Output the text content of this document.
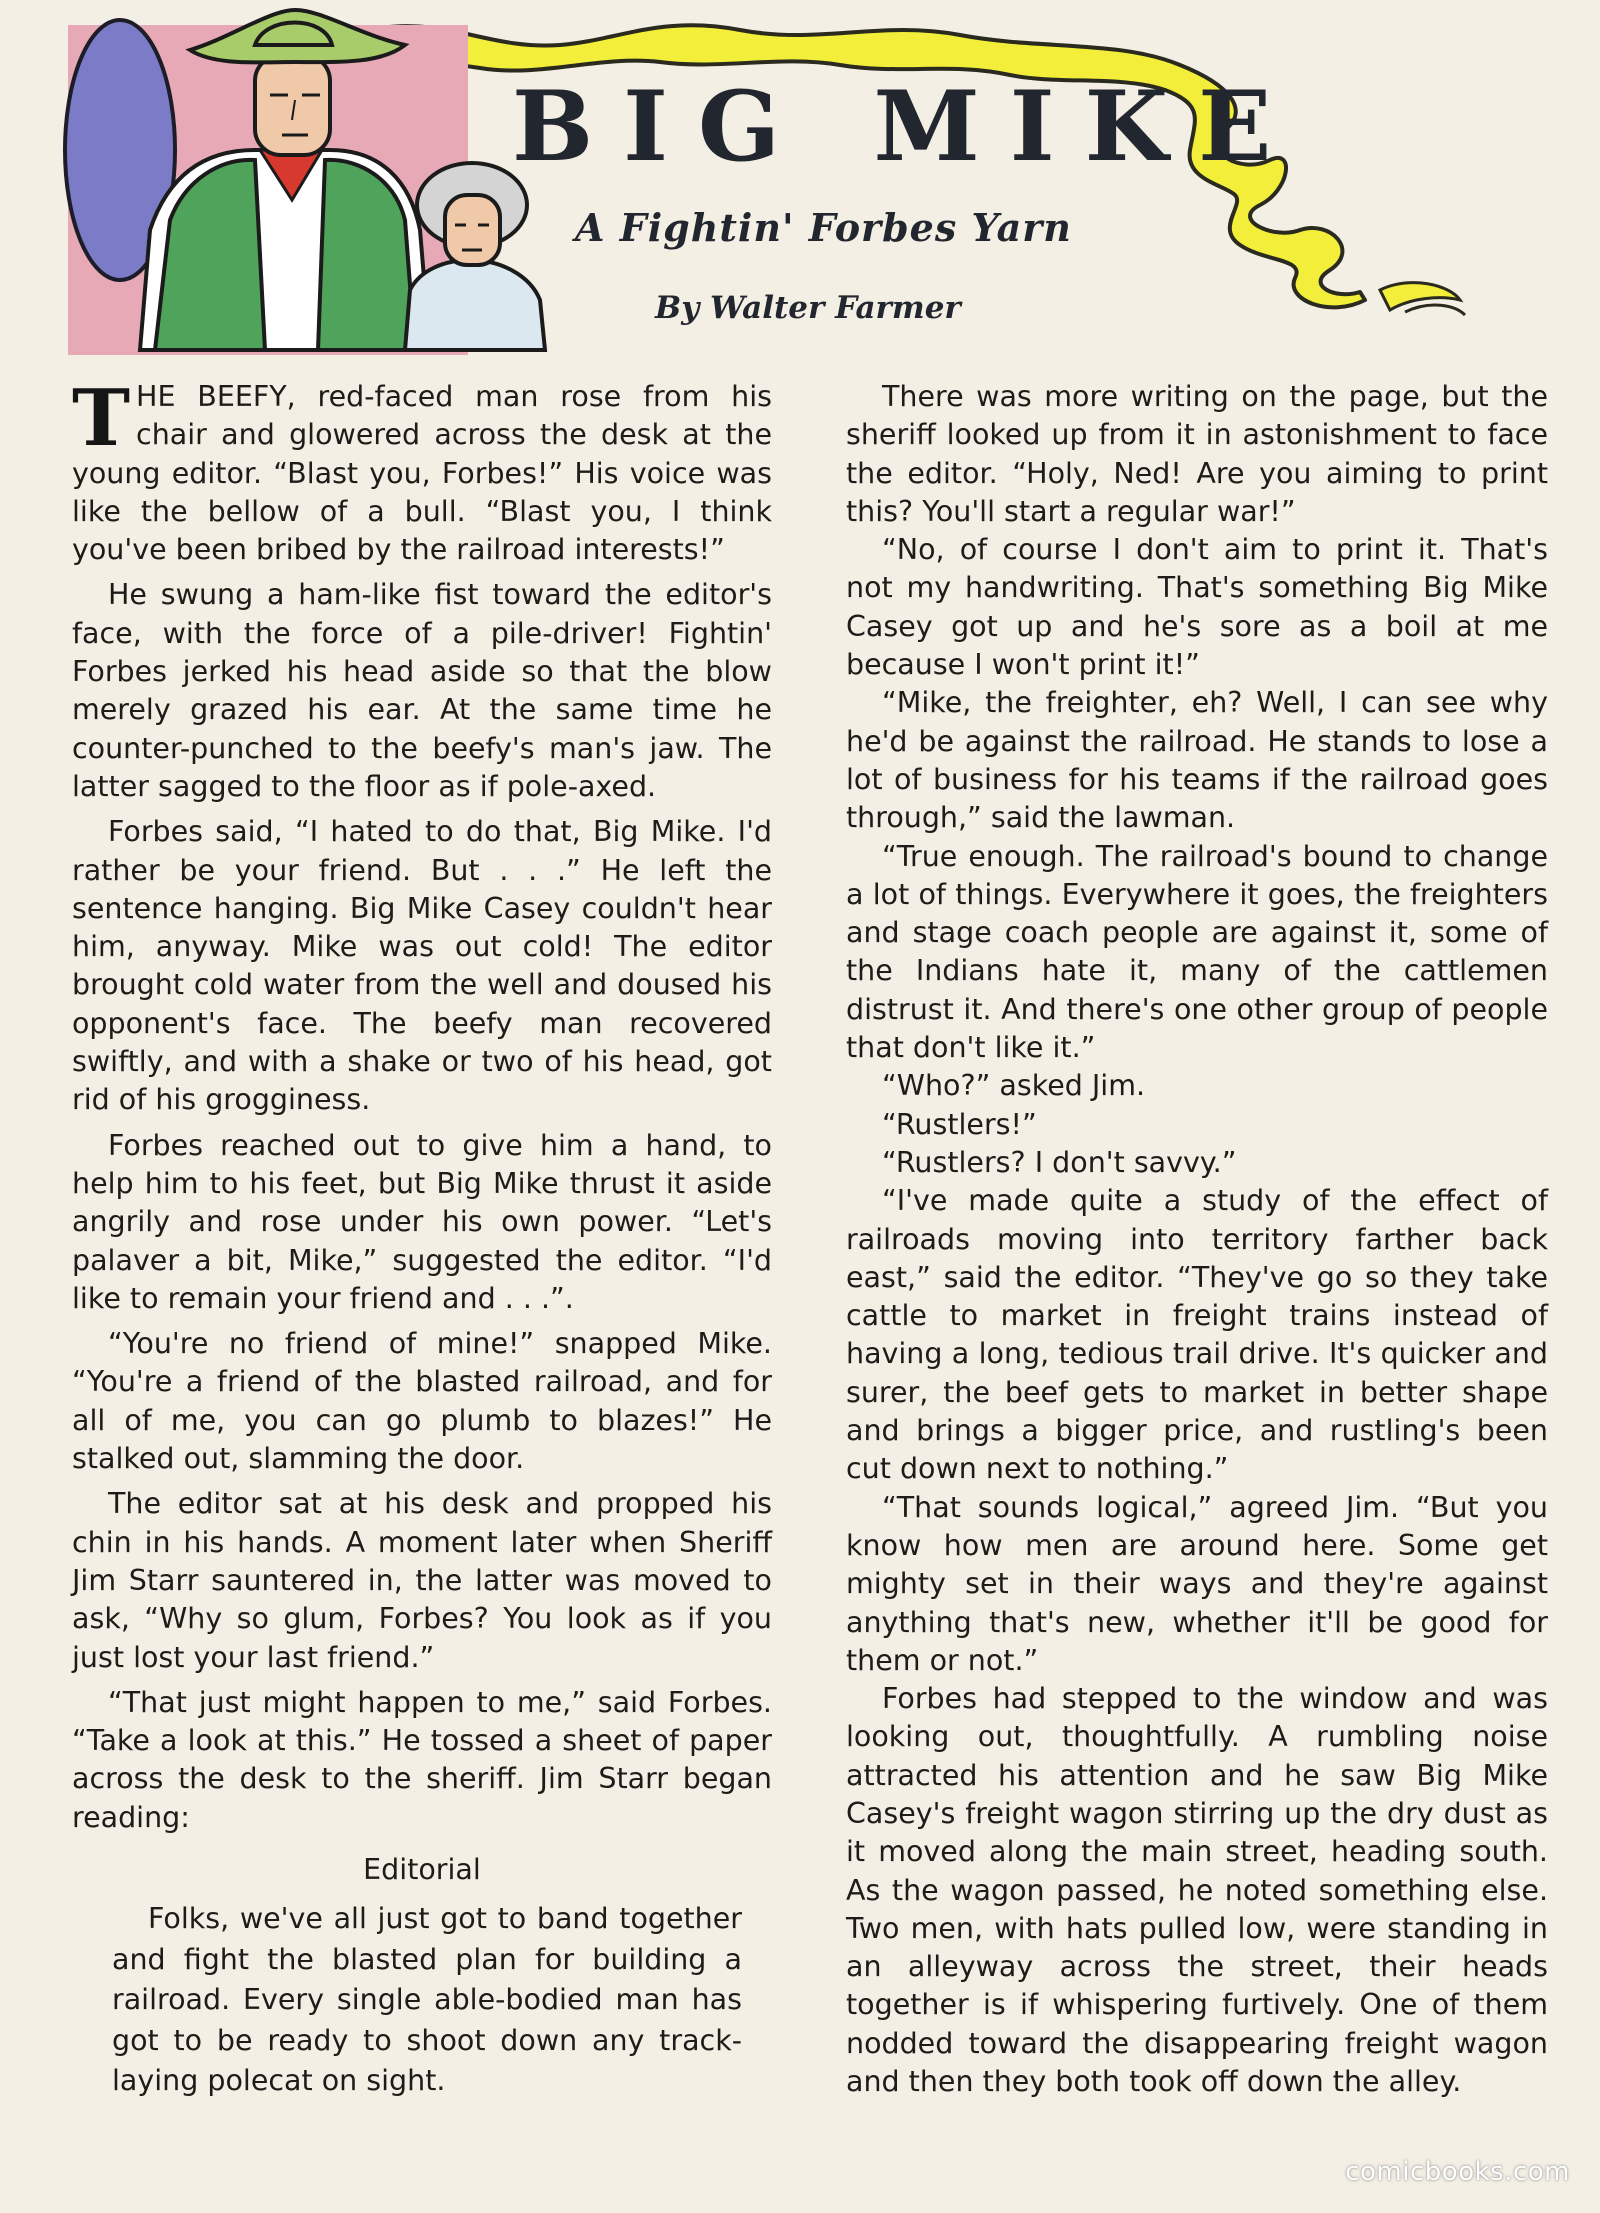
BIG MIKE
A Fightin' Forbes Yarn

By Walter Farmer

THE BEEFY, red-faced man rose from his chair and glowered across the desk at the young editor. “Blast you, Forbes!” His voice was like the bellow of a bull. “Blast you, I think you've been bribed by the railroad interests!”

He swung a ham-like fist toward the editor's face, with the force of a pile-driver! Fightin' Forbes jerked his head aside so that the blow merely grazed his ear. At the same time he counter-punched to the beefy's man's jaw. The latter sagged to the floor as if pole-axed.

Forbes said, “I hated to do that, Big Mike. I'd rather be your friend. But . . .” He left the sentence hanging. Big Mike Casey couldn't hear him, anyway. Mike was out cold! The editor brought cold water from the well and doused his opponent's face. The beefy man recovered swiftly, and with a shake or two of his head, got rid of his grogginess.

Forbes reached out to give him a hand, to help him to his feet, but Big Mike thrust it aside angrily and rose under his own power. “Let's palaver a bit, Mike,” suggested the editor. “I'd like to remain your friend and . . .”.

“You're no friend of mine!” snapped Mike. “You're a friend of the blasted railroad, and for all of me, you can go plumb to blazes!” He stalked out, slamming the door.

The editor sat at his desk and propped his chin in his hands. A moment later when Sheriff Jim Starr sauntered in, the latter was moved to ask, “Why so glum, Forbes? You look as if you just lost your last friend.”

“That just might happen to me,” said Forbes. “Take a look at this.” He tossed a sheet of paper across the desk to the sheriff. Jim Starr began reading:

Editorial

Folks, we've all just got to band together and fight the blasted plan for building a railroad. Every single able-bodied man has got to be ready to shoot down any track-laying polecat on sight.

There was more writing on the page, but the sheriff looked up from it in astonishment to face the editor. “Holy, Ned! Are you aiming to print this? You'll start a regular war!”

“No, of course I don't aim to print it. That's not my handwriting. That's something Big Mike Casey got up and he's sore as a boil at me because I won't print it!”

“Mike, the freighter, eh? Well, I can see why he'd be against the railroad. He stands to lose a lot of business for his teams if the railroad goes through,” said the lawman.

“True enough. The railroad's bound to change a lot of things. Everywhere it goes, the freighters and stage coach people are against it, some of the Indians hate it, many of the cattlemen distrust it. And there's one other group of people that don't like it.”

“Who?” asked Jim.

“Rustlers!”

“Rustlers? I don't savvy.”

“I've made quite a study of the effect of railroads moving into territory farther back east,” said the editor. “They've go so they take cattle to market in freight trains instead of having a long, tedious trail drive. It's quicker and surer, the beef gets to market in better shape and brings a bigger price, and rustling's been cut down next to nothing.”

“That sounds logical,” agreed Jim. “But you know how men are around here. Some get mighty set in their ways and they're against anything that's new, whether it'll be good for them or not.”

Forbes had stepped to the window and was looking out, thoughtfully. A rumbling noise attracted his attention and he saw Big Mike Casey's freight wagon stirring up the dry dust as it moved along the main street, heading south. As the wagon passed, he noted something else. Two men, with hats pulled low, were standing in an alleyway across the street, their heads together is if whispering furtively. One of them nodded toward the disappearing freight wagon and then they both took off down the alley.

comicbooks.com
